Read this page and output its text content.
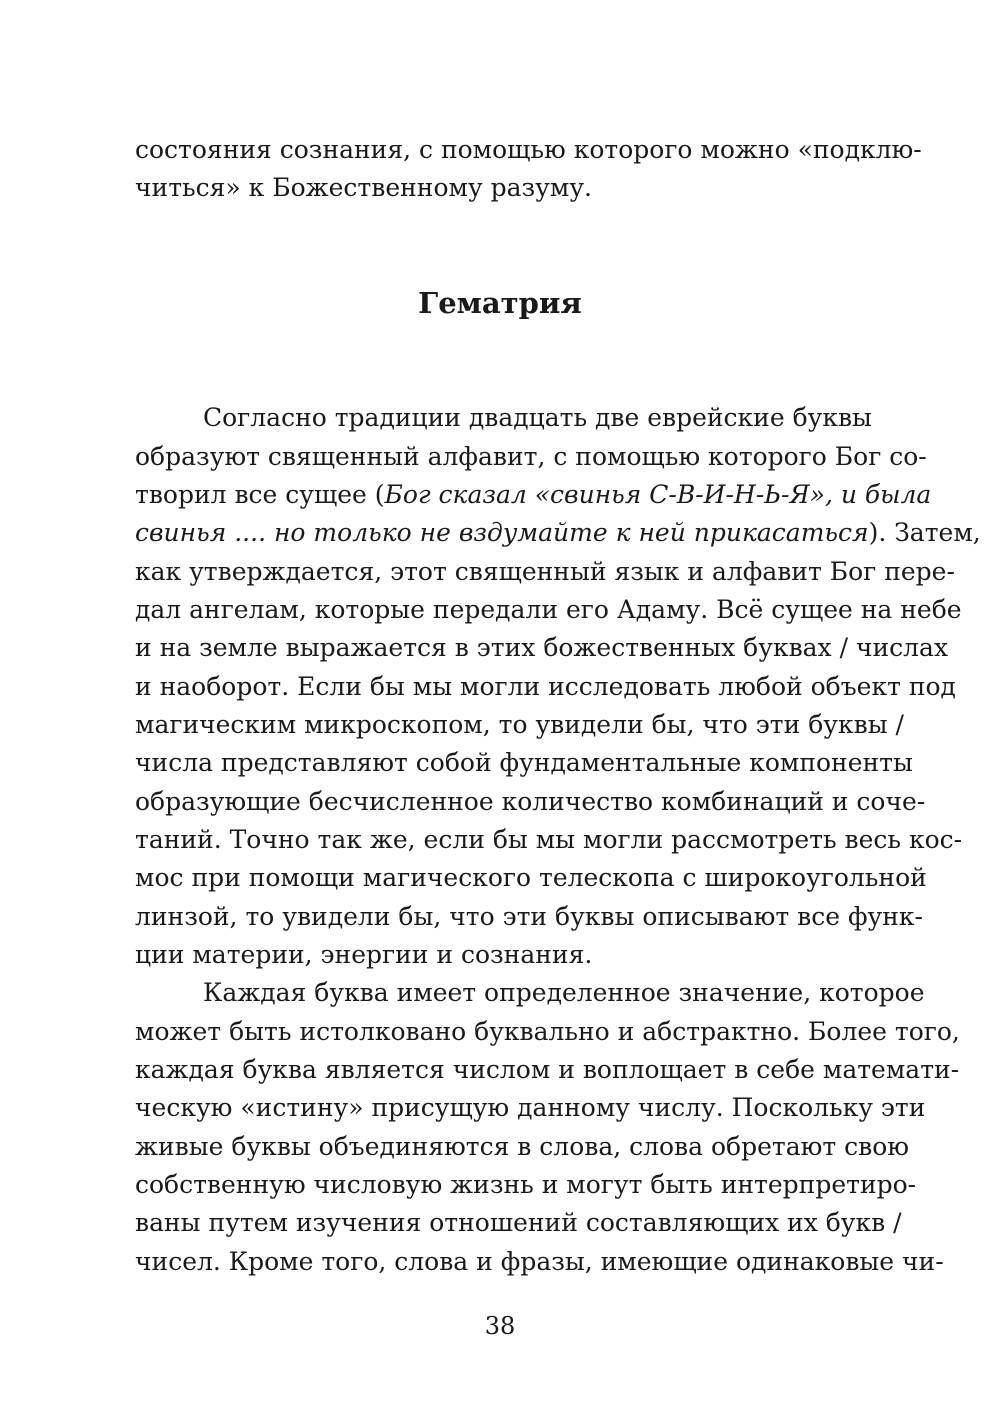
состояния сознания, с помощью которого можно «подклю-
читься» к Божественному разуму.
Гематрия
Согласно традиции двадцать две еврейские буквы
образуют священный алфавит, с помощью которого Бог со-
творил все сущее (Бог сказал «свинья С-В-И-Н-Ь-Я», и была
свинья .... но только не вздумайте к ней прикасаться). Затем,
как утверждается, этот священный язык и алфавит Бог пере-
дал ангелам, которые передали его Адаму. Всё сущее на небе
и на земле выражается в этих божественных буквах / числах
и наоборот. Если бы мы могли исследовать любой объект под
магическим микроскопом, то увидели бы, что эти буквы /
числа представляют собой фундаментальные компоненты
образующие бесчисленное количество комбинаций и соче-
таний. Точно так же, если бы мы могли рассмотреть весь кос-
мос при помощи магического телескопа с широкоугольной
линзой, то увидели бы, что эти буквы описывают все функ-
ции материи, энергии и сознания.
Каждая буква имеет определенное значение, которое
может быть истолковано буквально и абстрактно. Более того,
каждая буква является числом и воплощает в себе математи-
ческую «истину» присущую данному числу. Поскольку эти
живые буквы объединяются в слова, слова обретают свою
собственную числовую жизнь и могут быть интерпретиро-
ваны путем изучения отношений составляющих их букв /
чисел. Кроме того, слова и фразы, имеющие одинаковые чи-
38
